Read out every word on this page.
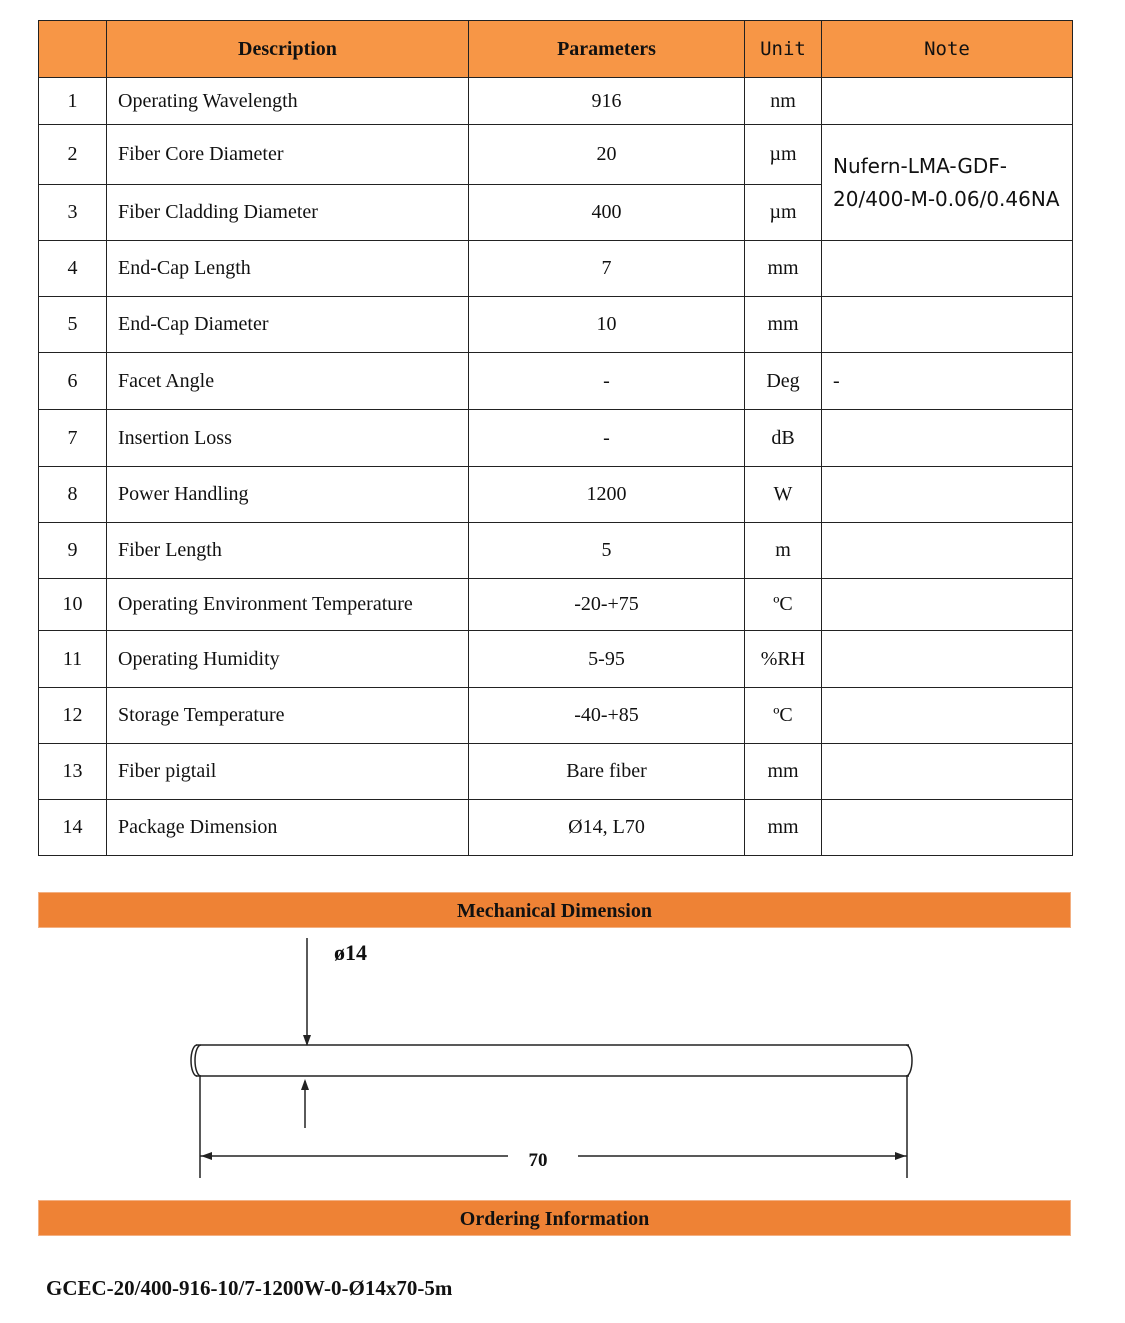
	Description	Parameters	Unit	Note
1	Operating Wavelength	916	nm	
2	Fiber Core Diameter	20	µm	Nufern-LMA-GDF-20/400-M-0.06/0.46NA
3	Fiber Cladding Diameter	400	µm	
4	End-Cap Length	7	mm	
5	End-Cap Diameter	10	mm	
6	Facet Angle	-	Deg	-
7	Insertion Loss	-	dB	
8	Power Handling	1200	W	
9	Fiber Length	5	m	
10	Operating Environment Temperature	-20-+75	ºC	
11	Operating Humidity	5-95	%RH	
12	Storage Temperature	-40-+85	ºC	
13	Fiber pigtail	Bare fiber	mm	
14	Package Dimension	Ø14, L70	mm	
Mechanical Dimension
ø14
70
Ordering Information

GCEC-20/400-916-10/7-1200W-0-Ø14x70-5m
